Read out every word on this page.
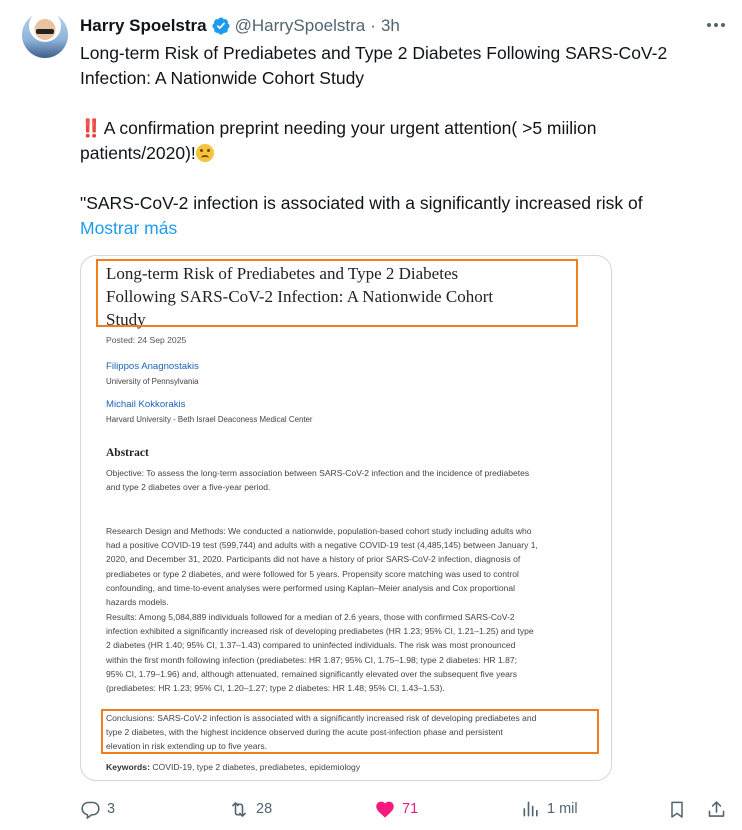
Harry Spoelstra @HarrySpoelstra · 3h
Long-term Risk of Prediabetes and Type 2 Diabetes Following SARS-CoV-2
Infection: A Nationwide Cohort Study
‼️ A confirmation preprint needing your urgent attention( >5 miilion
patients/2020)!
"SARS-CoV-2 infection is associated with a significantly increased risk of
Mostrar más
Long-term Risk of Prediabetes and Type 2 Diabetes
Following SARS-CoV-2 Infection: A Nationwide Cohort
Study
Posted: 24 Sep 2025
Filippos Anagnostakis
University of Pennsylvania
Michail Kokkorakis
Harvard University - Beth Israel Deaconess Medical Center
Abstract
Objective: To assess the long-term association between SARS-CoV-2 infection and the incidence of prediabetes
and type 2 diabetes over a five-year period.
Research Design and Methods: We conducted a nationwide, population-based cohort study including adults who
had a positive COVID-19 test (599,744) and adults with a negative COVID-19 test (4,485,145) between January 1,
2020, and December 31, 2020. Participants did not have a history of prior SARS-CoV-2 infection, diagnosis of
prediabetes or type 2 diabetes, and were followed for 5 years. Propensity score matching was used to control
confounding, and time-to-event analyses were performed using Kaplan–Meier analysis and Cox proportional
hazards models.
Results: Among 5,084,889 individuals followed for a median of 2.6 years, those with confirmed SARS-CoV-2
infection exhibited a significantly increased risk of developing prediabetes (HR 1.23; 95% CI, 1.21–1.25) and type
2 diabetes (HR 1.40; 95% CI, 1.37–1.43) compared to uninfected individuals. The risk was most pronounced
within the first month following infection (prediabetes: HR 1.87; 95% CI, 1.75–1.98; type 2 diabetes: HR 1.87;
95% CI, 1.79–1.96) and, although attenuated, remained significantly elevated over the subsequent five years
(prediabetes: HR 1.23; 95% CI, 1.20–1.27; type 2 diabetes: HR 1.48; 95% CI, 1.43–1.53).
Conclusions: SARS-CoV-2 infection is associated with a significantly increased risk of developing prediabetes and
type 2 diabetes, with the highest incidence observed during the acute post-infection phase and persistent
elevation in risk extending up to five years.
Keywords: COVID-19, type 2 diabetes, prediabetes, epidemiology
3	28	71	1 mil
